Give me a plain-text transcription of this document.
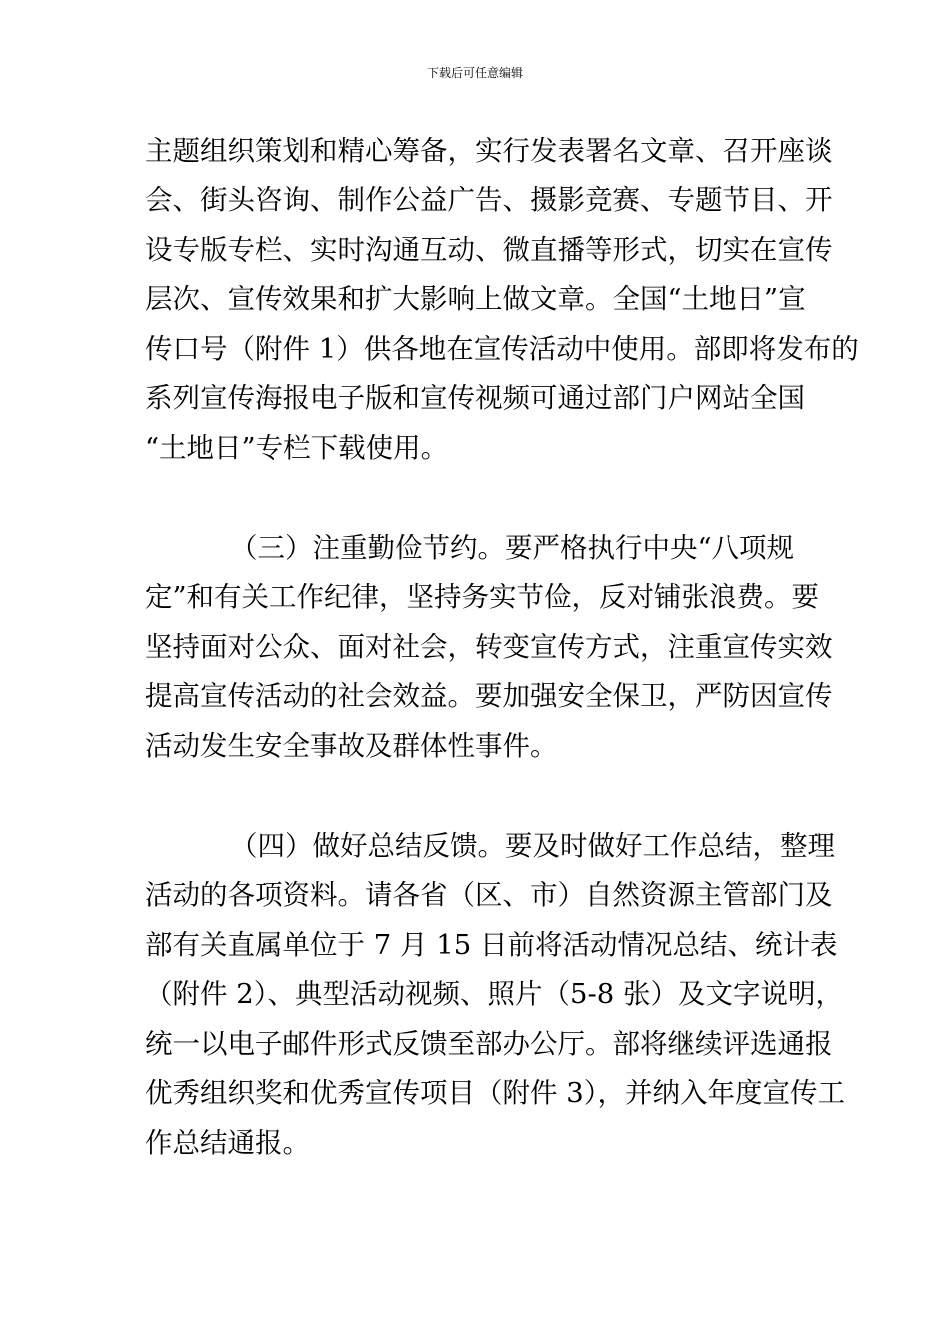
下载后可任意编辑
主题组织策划和精心筹备，实行发表署名文章、召开座谈
会、街头咨询、制作公益广告、摄影竞赛、专题节目、开
设专版专栏、实时沟通互动、微直播等形式，切实在宣传
层次、宣传效果和扩大影响上做文章。全国“土地日”宣
传口号（附件 1）供各地在宣传活动中使用。部即将发布的
系列宣传海报电子版和宣传视频可通过部门户网站全国
“土地日”专栏下载使用。
（三）注重勤俭节约。要严格执行中央“八项规
定”和有关工作纪律，坚持务实节俭，反对铺张浪费。要
坚持面对公众、面对社会，转变宣传方式，注重宣传实效
提高宣传活动的社会效益。要加强安全保卫，严防因宣传
活动发生安全事故及群体性事件。
（四）做好总结反馈。要及时做好工作总结，整理
活动的各项资料。请各省（区、市）自然资源主管部门及
部有关直属单位于 7 月 15 日前将活动情况总结、统计表
（附件 2）、典型活动视频、照片（5-8 张）及文字说明，
统一以电子邮件形式反馈至部办公厅。部将继续评选通报
优秀组织奖和优秀宣传项目（附件 3），并纳入年度宣传工
作总结通报。
